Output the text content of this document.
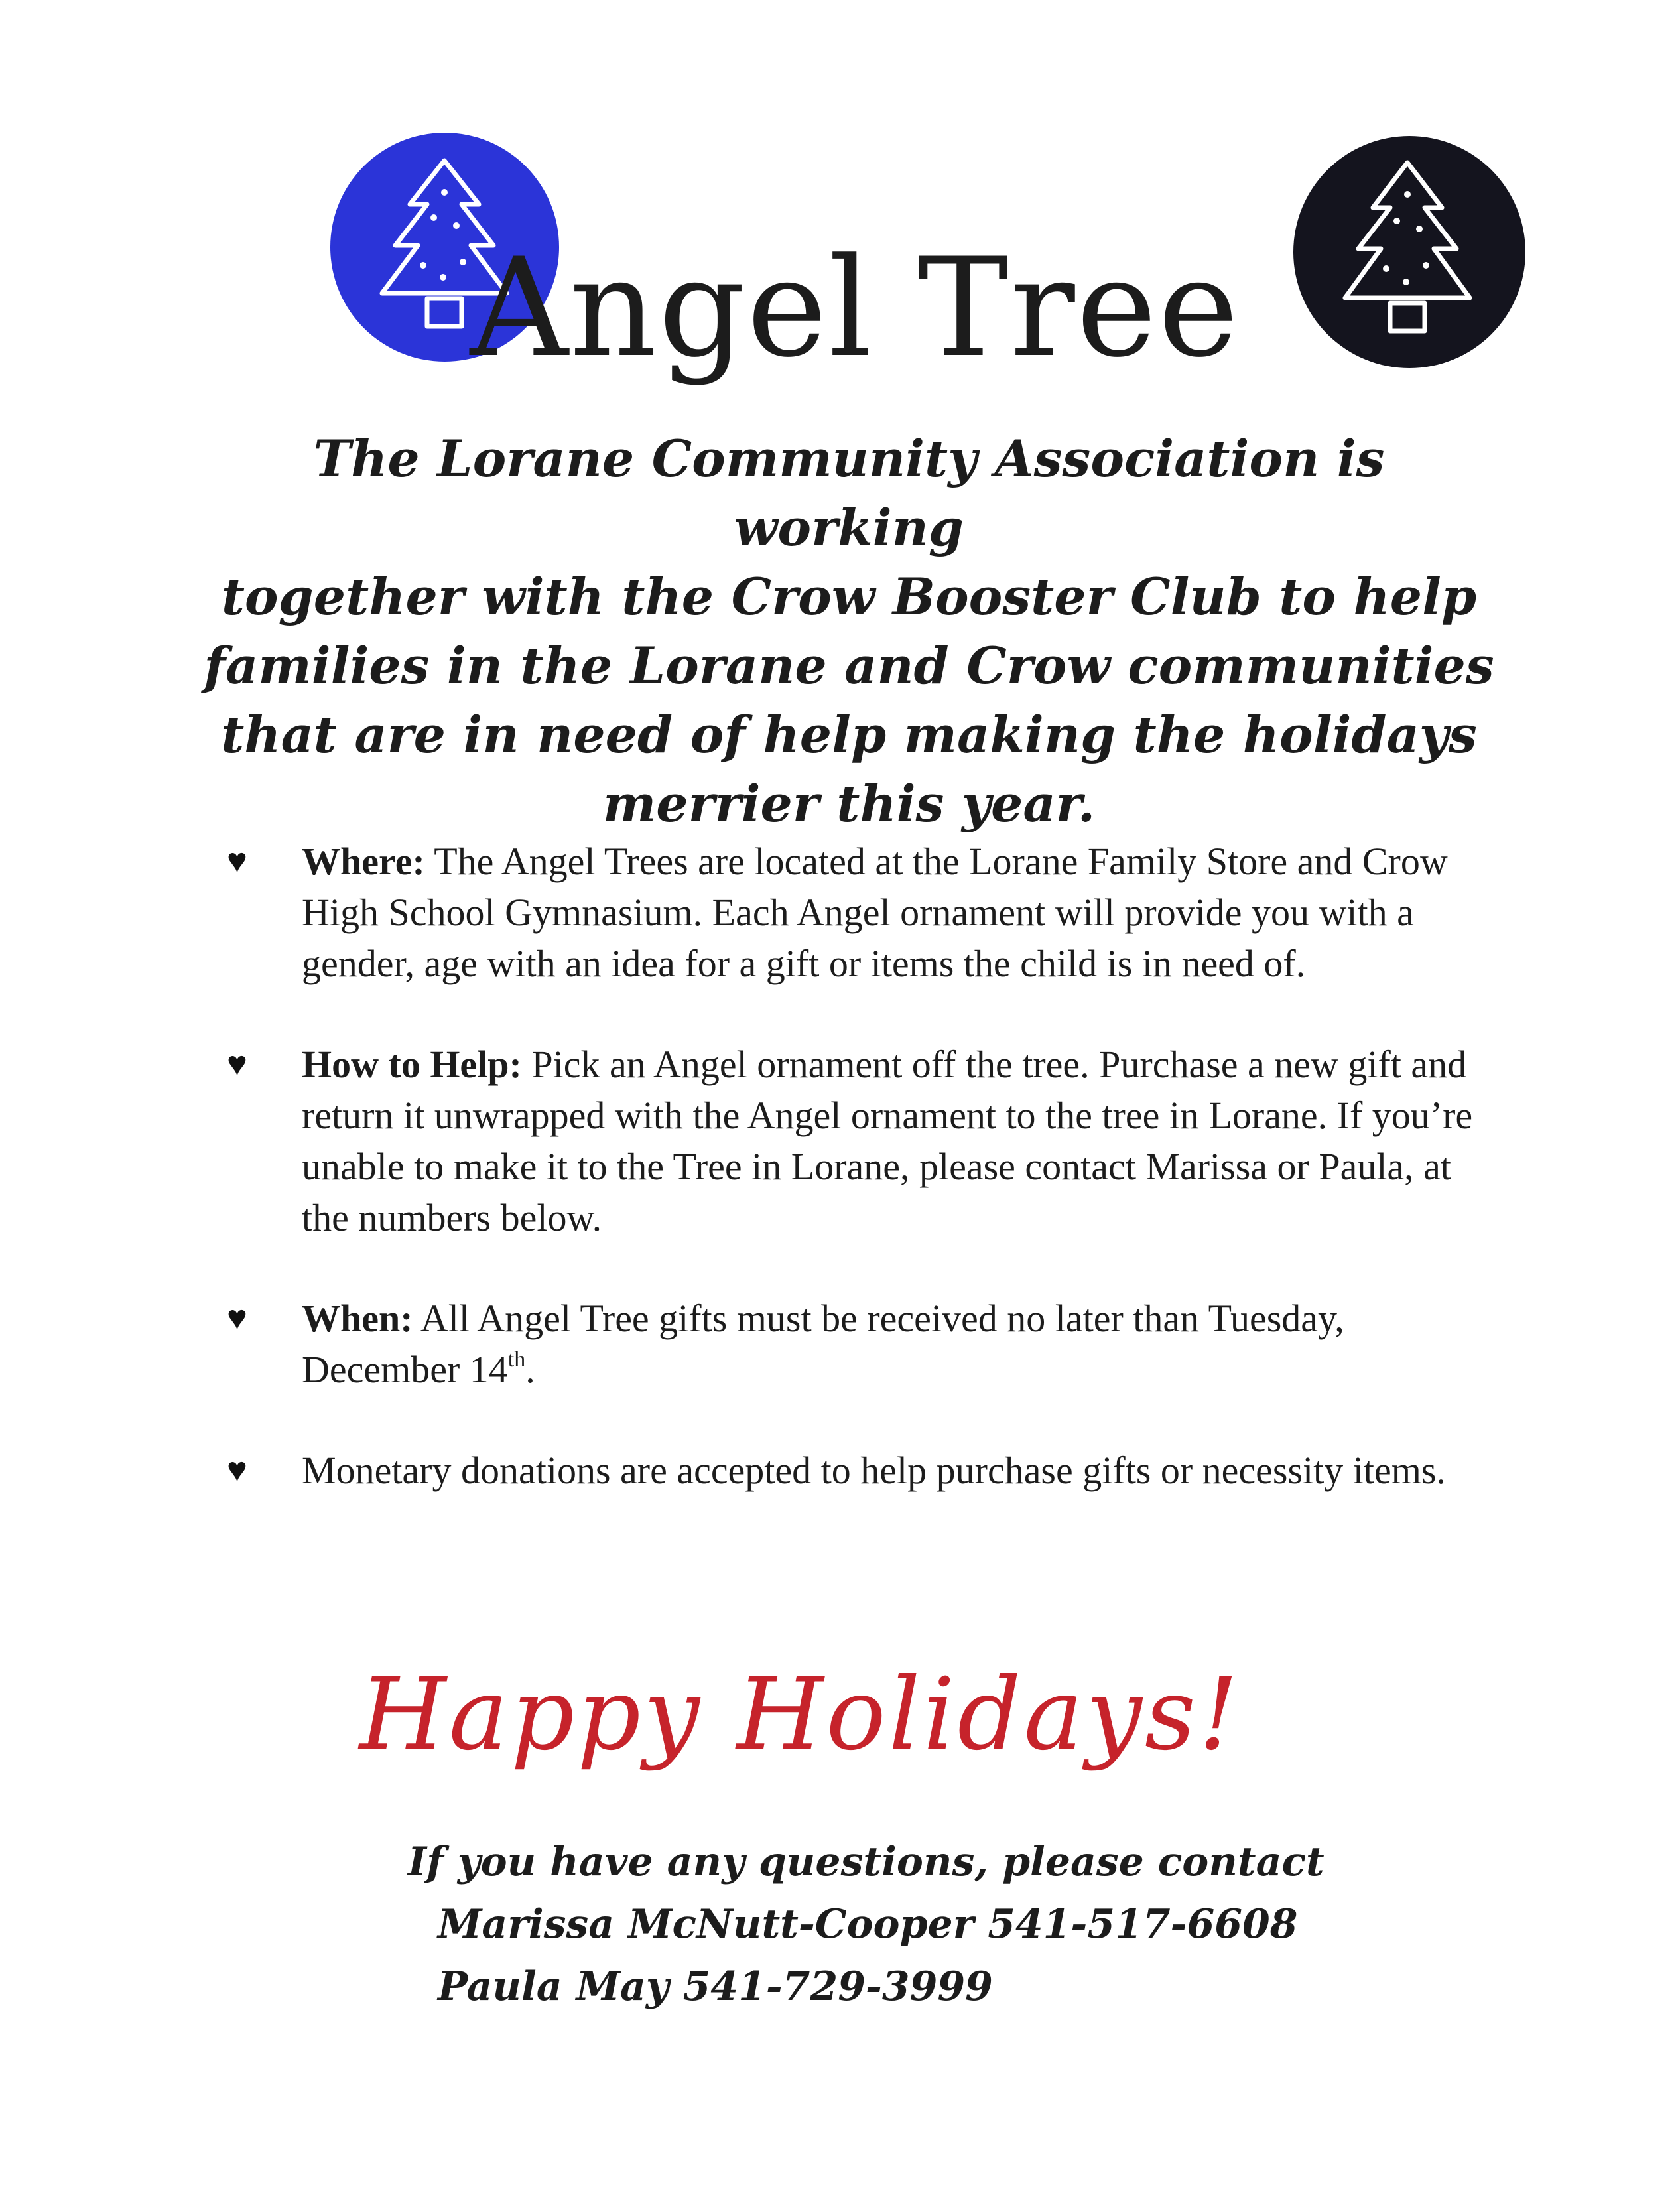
Angel Tree
The Lorane Community Association is working
together with the Crow Booster Club to help
families in the Lorane and Crow communities
that are in need of help making the holidays
merrier this year.
♥ Where: The Angel Trees are located at the Lorane Family Store and Crow High School Gymnasium. Each Angel ornament will provide you with a gender, age with an idea for a gift or items the child is in need of.
♥ How to Help: Pick an Angel ornament off the tree. Purchase a new gift and return it unwrapped with the Angel ornament to the tree in Lorane. If you’re unable to make it to the Tree in Lorane, please contact Marissa or Paula, at the numbers below.
♥ When: All Angel Tree gifts must be received no later than Tuesday, December 14th.
♥ Monetary donations are accepted to help purchase gifts or necessity items.
Happy Holidays!
If you have any questions, please contact
Marissa McNutt-Cooper 541-517-6608
Paula May 541-729-3999
